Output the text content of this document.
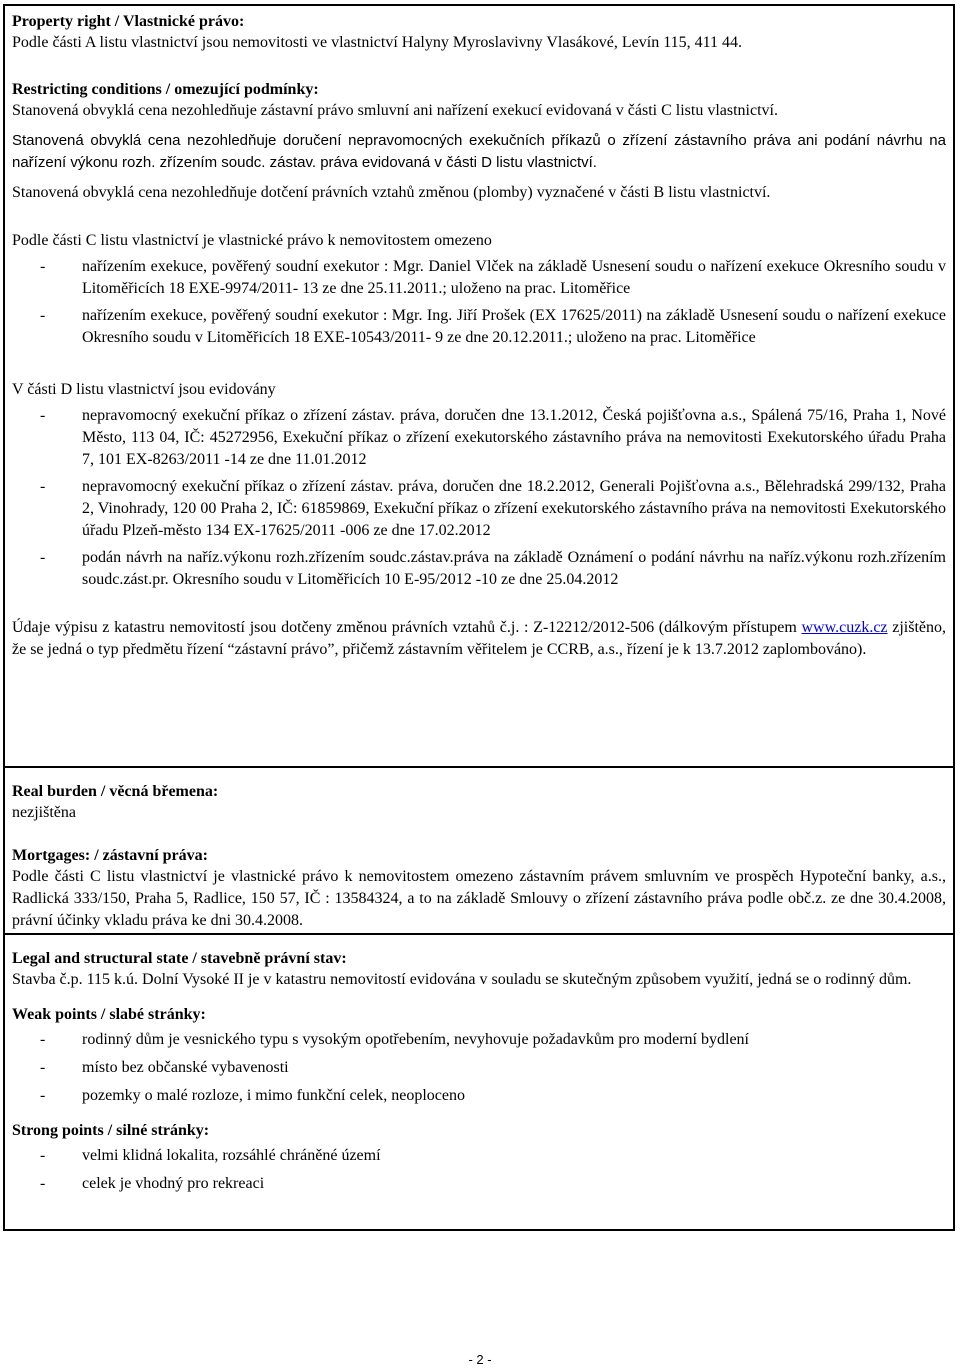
Property right / Vlastnické právo:

Podle části A listu vlastnictví jsou nemovitosti ve vlastnictví Halyny Myroslavivny Vlasákové, Levín 115, 411 44.

Restricting conditions / omezující podmínky:

Stanovená obvyklá cena nezohledňuje zástavní právo smluvní ani nařízení exekucí evidovaná v části C listu vlastnictví.

Stanovená obvyklá cena nezohledňuje doručení nepravomocných exekučních příkazů o zřízení zástavního práva ani podání návrhu na nařízení výkonu rozh. zřízením soudc. zástav. práva evidovaná v části D listu vlastnictví.

Stanovená obvyklá cena nezohledňuje dotčení právních vztahů změnou (plomby) vyznačené v části B listu vlastnictví.

Podle části C listu vlastnictví je vlastnické právo k nemovitostem omezeno

- nařízením exekuce, pověřený soudní exekutor : Mgr. Daniel Vlček na základě Usnesení soudu o nařízení exekuce Okresního soudu v Litoměřicích 18 EXE-9974/2011- 13 ze dne 25.11.2011.; uloženo na prac. Litoměřice
- nařízením exekuce, pověřený soudní exekutor : Mgr. Ing. Jiří Prošek (EX 17625/2011) na základě Usnesení soudu o nařízení exekuce Okresního soudu v Litoměřicích 18 EXE-10543/2011- 9 ze dne 20.12.2011.; uloženo na prac. Litoměřice

V části D listu vlastnictví jsou evidovány

- nepravomocný exekuční příkaz o zřízení zástav. práva, doručen dne 13.1.2012, Česká pojišťovna a.s., Spálená 75/16, Praha 1, Nové Město, 113 04, IČ: 45272956, Exekuční příkaz o zřízení exekutorského zástavního práva na nemovitosti Exekutorského úřadu Praha 7, 101 EX-8263/2011 -14 ze dne 11.01.2012
- nepravomocný exekuční příkaz o zřízení zástav. práva, doručen dne 18.2.2012, Generali Pojišťovna a.s., Bělehradská 299/132, Praha 2, Vinohrady, 120 00 Praha 2, IČ: 61859869, Exekuční příkaz o zřízení exekutorského zástavního práva na nemovitosti Exekutorského úřadu Plzeň-město 134 EX-17625/2011 -006 ze dne 17.02.2012
- podán návrh na naříz.výkonu rozh.zřízením soudc.zástav.práva na základě Oznámení o podání návrhu na naříz.výkonu rozh.zřízením soudc.zást.pr. Okresního soudu v Litoměřicích 10 E-95/2012 -10 ze dne 25.04.2012

Údaje výpisu z katastru nemovitostí jsou dotčeny změnou právních vztahů č.j. : Z-12212/2012-506 (dálkovým přístupem www.cuzk.cz zjištěno, že se jedná o typ předmětu řízení “zástavní právo”, přičemž zástavním věřitelem je CCRB, a.s., řízení je k 13.7.2012 zaplombováno).

Real burden / věcná břemena:

nezjištěna

Mortgages: / zástavní práva:

Podle části C listu vlastnictví je vlastnické právo k nemovitostem omezeno zástavním právem smluvním ve prospěch Hypoteční banky, a.s., Radlická 333/150, Praha 5, Radlice, 150 57, IČ : 13584324, a to na základě Smlouvy o zřízení zástavního práva podle obč.z. ze dne 30.4.2008, právní účinky vkladu práva ke dni 30.4.2008.

Legal and structural state / stavebně právní stav:

Stavba č.p. 115 k.ú. Dolní Vysoké II je v katastru nemovitostí evidována v souladu se skutečným způsobem využití, jedná se o rodinný dům.

Weak points / slabé stránky:
- rodinný dům je vesnického typu s vysokým opotřebením, nevyhovuje požadavkům pro moderní bydlení
- místo bez občanské vybavenosti
- pozemky o malé rozloze, i mimo funkční celek, neoploceno
Strong points / silné stránky:
- velmi klidná lokalita, rozsáhlé chráněné území
- celek je vhodný pro rekreaci
- 2 -
